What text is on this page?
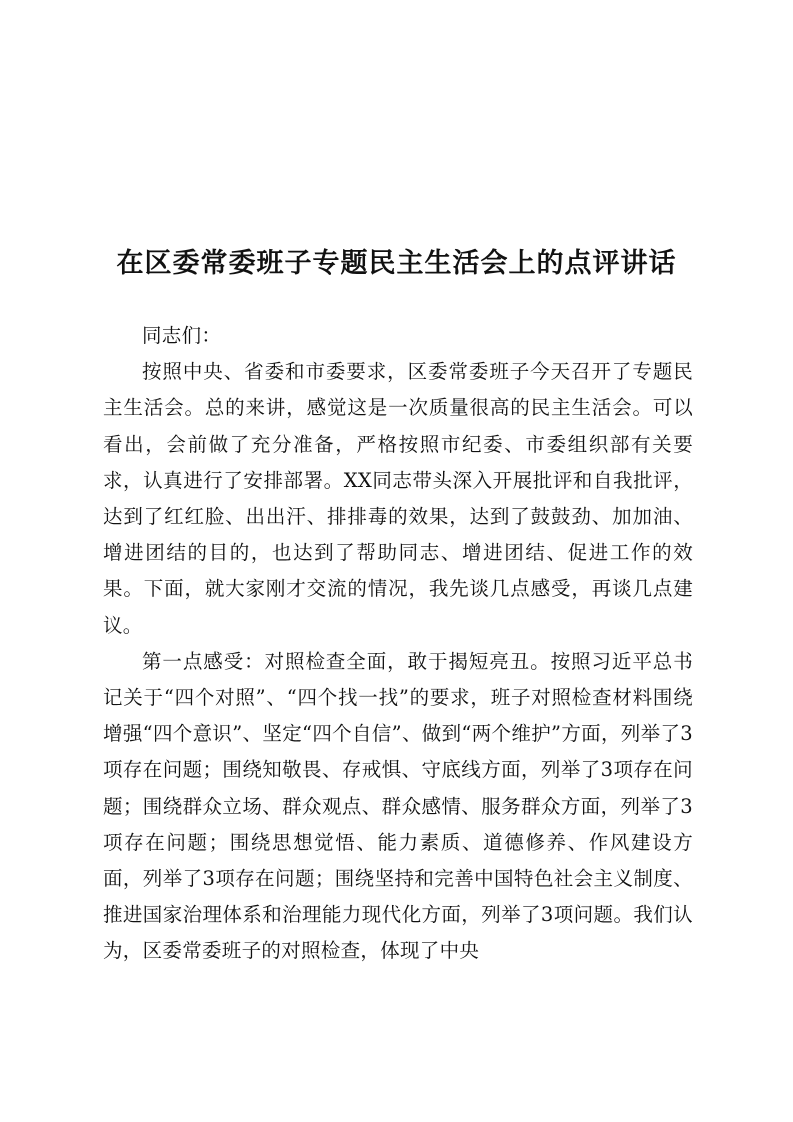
在区委常委班子专题民主生活会上的点评讲话

同志们：

按照中央、省委和市委要求，区委常委班子今天召开了专题民主生活会。总的来讲，感觉这是一次质量很高的民主生活会。可以看出，会前做了充分准备，严格按照市纪委、市委组织部有关要求，认真进行了安排部署。XX同志带头深入开展批评和自我批评，达到了红红脸、出出汗、排排毒的效果，达到了鼓鼓劲、加加油、增进团结的目的，也达到了帮助同志、增进团结、促进工作的效果。下面，就大家刚才交流的情况，我先谈几点感受，再谈几点建议。

第一点感受：对照检查全面，敢于揭短亮丑。按照习近平总书记关于“四个对照”、“四个找一找”的要求，班子对照检查材料围绕增强“四个意识”、坚定“四个自信”、做到“两个维护”方面，列举了3项存在问题；围绕知敬畏、存戒惧、守底线方面，列举了3项存在问题；围绕群众立场、群众观点、群众感情、服务群众方面，列举了3项存在问题；围绕思想觉悟、能力素质、道德修养、作风建设方面，列举了3项存在问题；围绕坚持和完善中国特色社会主义制度、推进国家治理体系和治理能力现代化方面，列举了3项问题。我们认为，区委常委班子的对照检查，体现了中央
